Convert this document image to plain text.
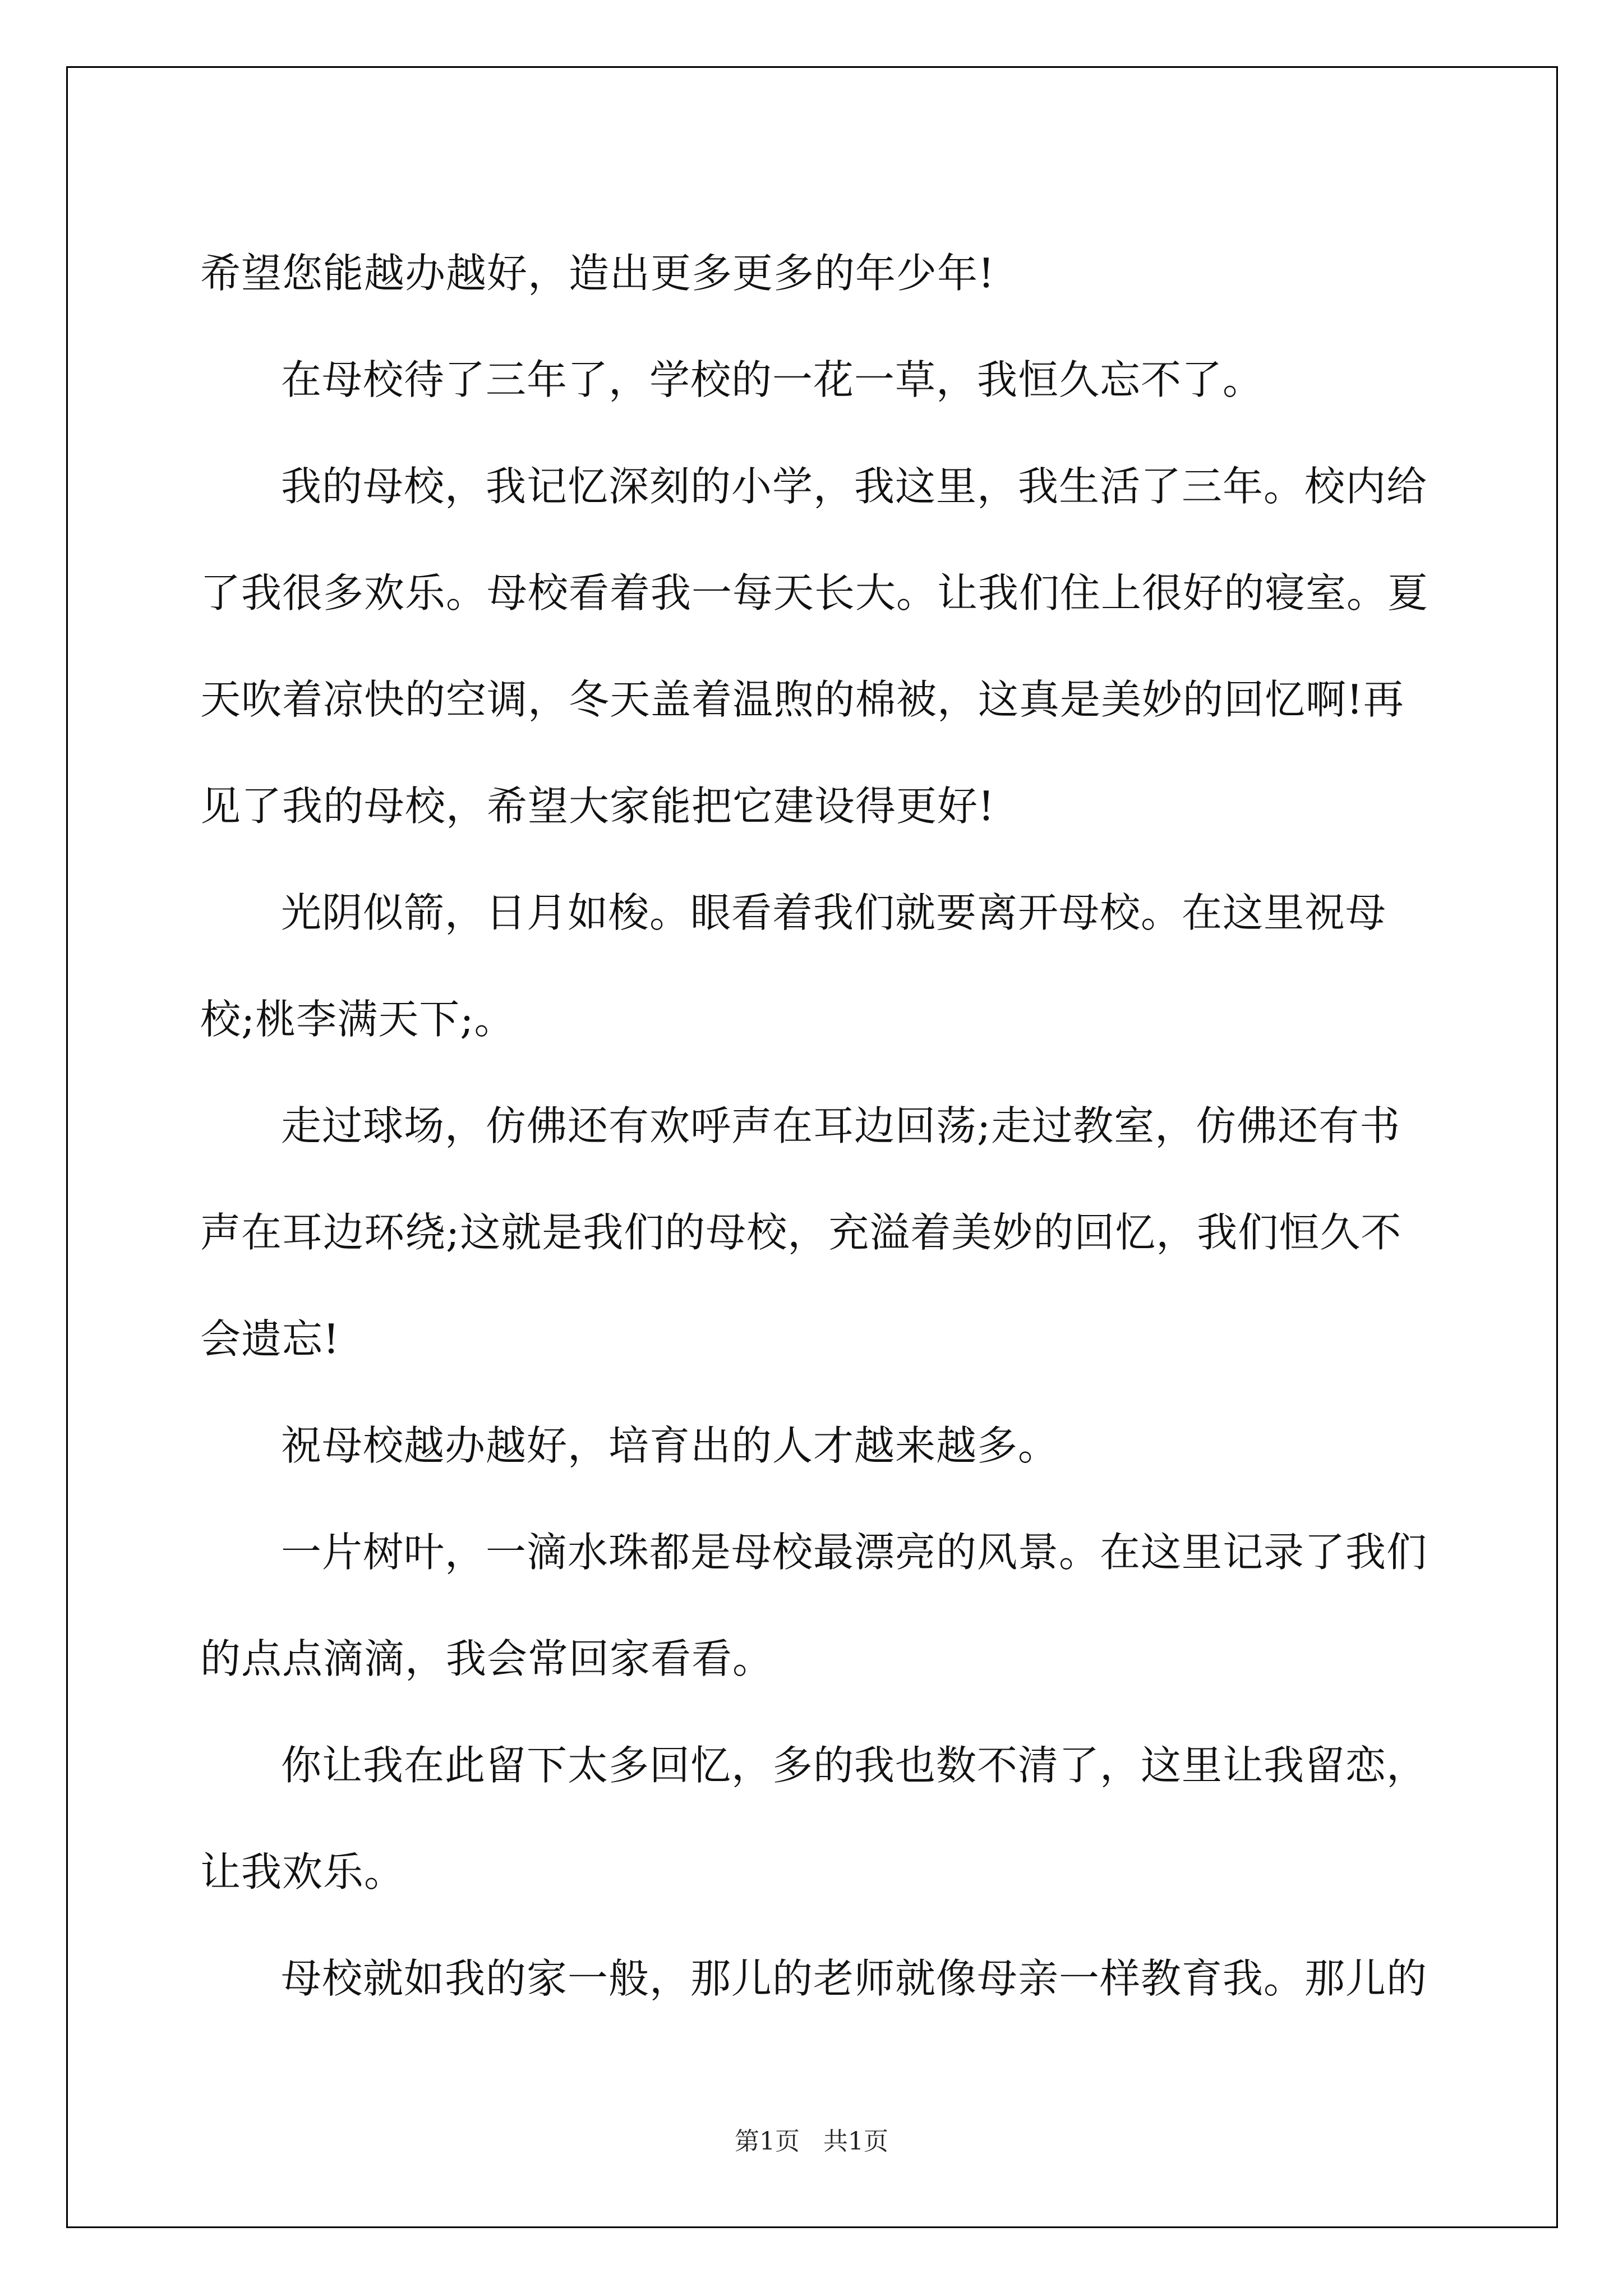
希望您能越办越好，造出更多更多的年少年!

在母校待了三年了，学校的一花一草，我恒久忘不了。

我的母校，我记忆深刻的小学，我这里，我生活了三年。校内给了我很多欢乐。母校看着我一每天长大。让我们住上很好的寝室。夏天吹着凉快的空调，冬天盖着温煦的棉被，这真是美妙的回忆啊!再见了我的母校，希望大家能把它建设得更好!

光阴似箭，日月如梭。眼看着我们就要离开母校。在这里祝母校;桃李满天下;。

走过球场，仿佛还有欢呼声在耳边回荡;走过教室，仿佛还有书声在耳边环绕;这就是我们的母校，充溢着美妙的回忆，我们恒久不会遗忘!

祝母校越办越好，培育出的人才越来越多。

一片树叶，一滴水珠都是母校最漂亮的风景。在这里记录了我们的点点滴滴，我会常回家看看。

你让我在此留下太多回忆，多的我也数不清了，这里让我留恋，让我欢乐。

母校就如我的家一般，那儿的老师就像母亲一样教育我。那儿的

第1页   共1页
